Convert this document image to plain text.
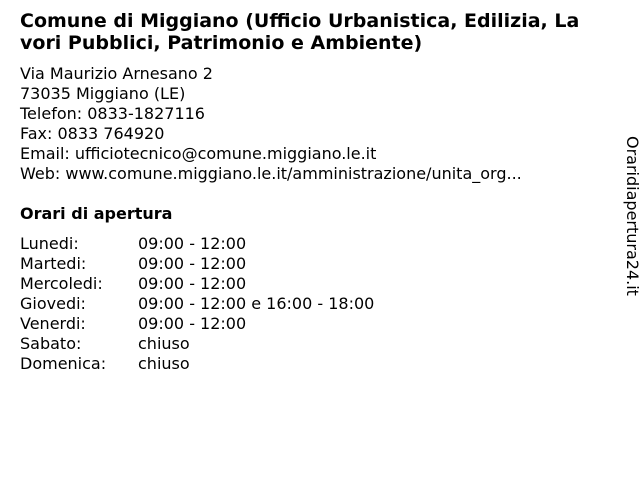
Comune di Miggiano (Ufficio Urbanistica, Edilizia, Lavori Pubblici, Patrimonio e Ambiente)
Via Maurizio Arnesano 2
73035 Miggiano (LE)
Telefon: 0833-1827116
Fax: 0833 764920
Email: ufficiotecnico@comune.miggiano.le.it
Web: www.comune.miggiano.le.it/amministrazione/unita_org...
Orari di apertura
Lunedi:	09:00 - 12:00
Martedi:	09:00 - 12:00
Mercoledi:	09:00 - 12:00
Giovedi:	09:00 - 12:00 e 16:00 - 18:00
Venerdi:	09:00 - 12:00
Sabato:	chiuso
Domenica:	chiuso
Oraridiapertura24.it
